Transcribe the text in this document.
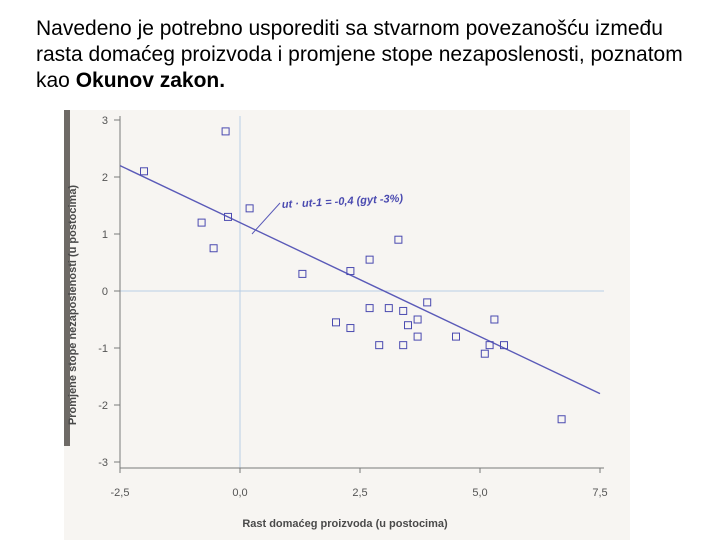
Navedeno je potrebno usporediti sa stvarnom povezanošću između rasta domaćeg proizvoda i promjene stope nezaposlenosti, poznatom kao Okunov zakon.

3
2
1
0
-1
-2
-3
-2,5	0,0	2,5	5,0	7,5
ut · ut-1 = -0,4 (gyt -3%)
Rast domaćeg proizvoda (u postocima)
Promjene stope nezaposlenosti (u postocima)
